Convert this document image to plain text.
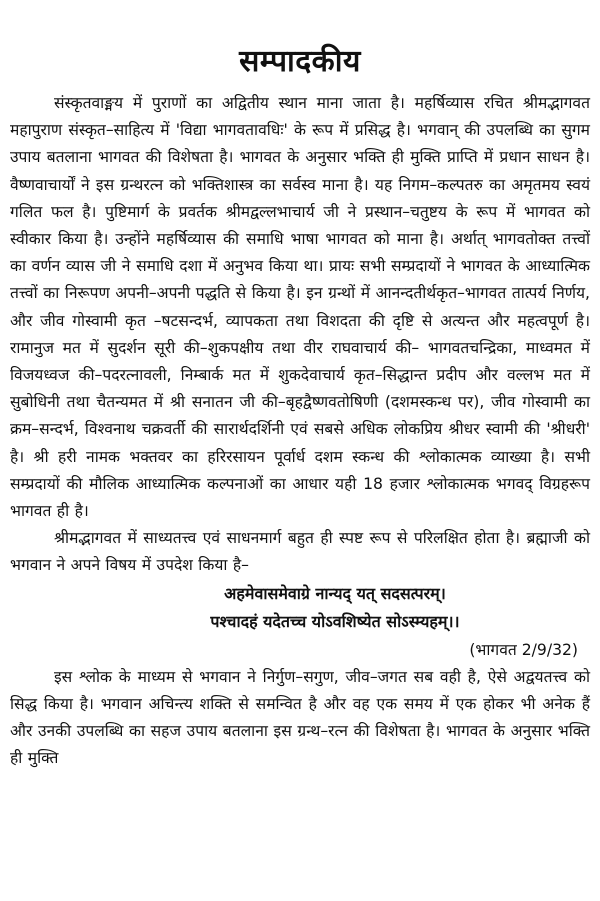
सम्पादकीय

संस्कृतवाङ्मय में पुराणों का अद्वितीय स्थान माना जाता है। महर्षिव्यास रचित श्रीमद्भागवत महापुराण संस्कृत–साहित्य में 'विद्या भागवतावधिः' के रूप में प्रसिद्ध है। भगवान् की उपलब्धि का सुगम उपाय बतलाना भागवत की विशेषता है। भागवत के अनुसार भक्ति ही मुक्ति प्राप्ति में प्रधान साधन है। वैष्णवाचार्यों ने इस ग्रन्थरत्न को भक्तिशास्त्र का सर्वस्व माना है। यह निगम–कल्पतरु का अमृतमय स्वयं गलित फल है। पुष्टिमार्ग के प्रवर्तक श्रीमद्वल्लभाचार्य जी ने प्रस्थान–चतुष्टय के रूप में भागवत को स्वीकार किया है। उन्होंने महर्षिव्यास की समाधि भाषा भागवत को माना है। अर्थात् भागवतोक्त तत्त्वों का वर्णन व्यास जी ने समाधि दशा में अनुभव किया था। प्रायः सभी सम्प्रदायों ने भागवत के आध्यात्मिक तत्त्वों का निरूपण अपनी–अपनी पद्धति से किया है। इन ग्रन्थों में आनन्दतीर्थकृत–भागवत तात्पर्य निर्णय, और जीव गोस्वामी कृत –षटसन्दर्भ, व्यापकता तथा विशदता की दृष्टि से अत्यन्त और महत्वपूर्ण है। रामानुज मत में सुदर्शन सूरी की–शुकपक्षीय तथा वीर राघवाचार्य की– भागवतचन्द्रिका, माध्वमत में विजयध्वज की–पदरत्नावली, निम्बार्क मत में शुकदेवाचार्य कृत–सिद्धान्त प्रदीप और वल्लभ मत में सुबोधिनी तथा चैतन्यमत में श्री सनातन जी की–बृहद्वैष्णवतोषिणी (दशमस्कन्ध पर), जीव गोस्वामी का क्रम–सन्दर्भ, विश्वनाथ चक्रवर्ती की सारार्थदर्शिनी एवं सबसे अधिक लोकप्रिय श्रीधर स्वामी की 'श्रीधरी' है। श्री हरी नामक भक्तवर का हरिरसायन पूर्वार्ध दशम स्कन्ध की श्लोकात्मक व्याख्या है। सभी सम्प्रदायों की मौलिक आध्यात्मिक कल्पनाओं का आधार यही 18 हजार श्लोकात्मक भगवद् विग्रहरूप भागवत ही है।

श्रीमद्भागवत में साध्यतत्त्व एवं साधनमार्ग बहुत ही स्पष्ट रूप से परिलक्षित होता है। ब्रह्माजी को भगवान ने अपने विषय में उपदेश किया है–

अहमेवासमेवाग्रे नान्यद् यत् सदसत्परम्।

पश्चादहं यदेतच्च योऽवशिष्येत सोऽस्म्यहम्।।

(भागवत 2/9/32)

इस श्लोक के माध्यम से भगवान ने निर्गुण–सगुण, जीव–जगत सब वही है, ऐसे अद्वयतत्त्व को सिद्ध किया है। भगवान अचिन्त्य शक्ति से समन्वित है और वह एक समय में एक होकर भी अनेक हैं और उनकी उपलब्धि का सहज उपाय बतलाना इस ग्रन्थ–रत्न की विशेषता है। भागवत के अनुसार भक्ति ही मुक्ति
